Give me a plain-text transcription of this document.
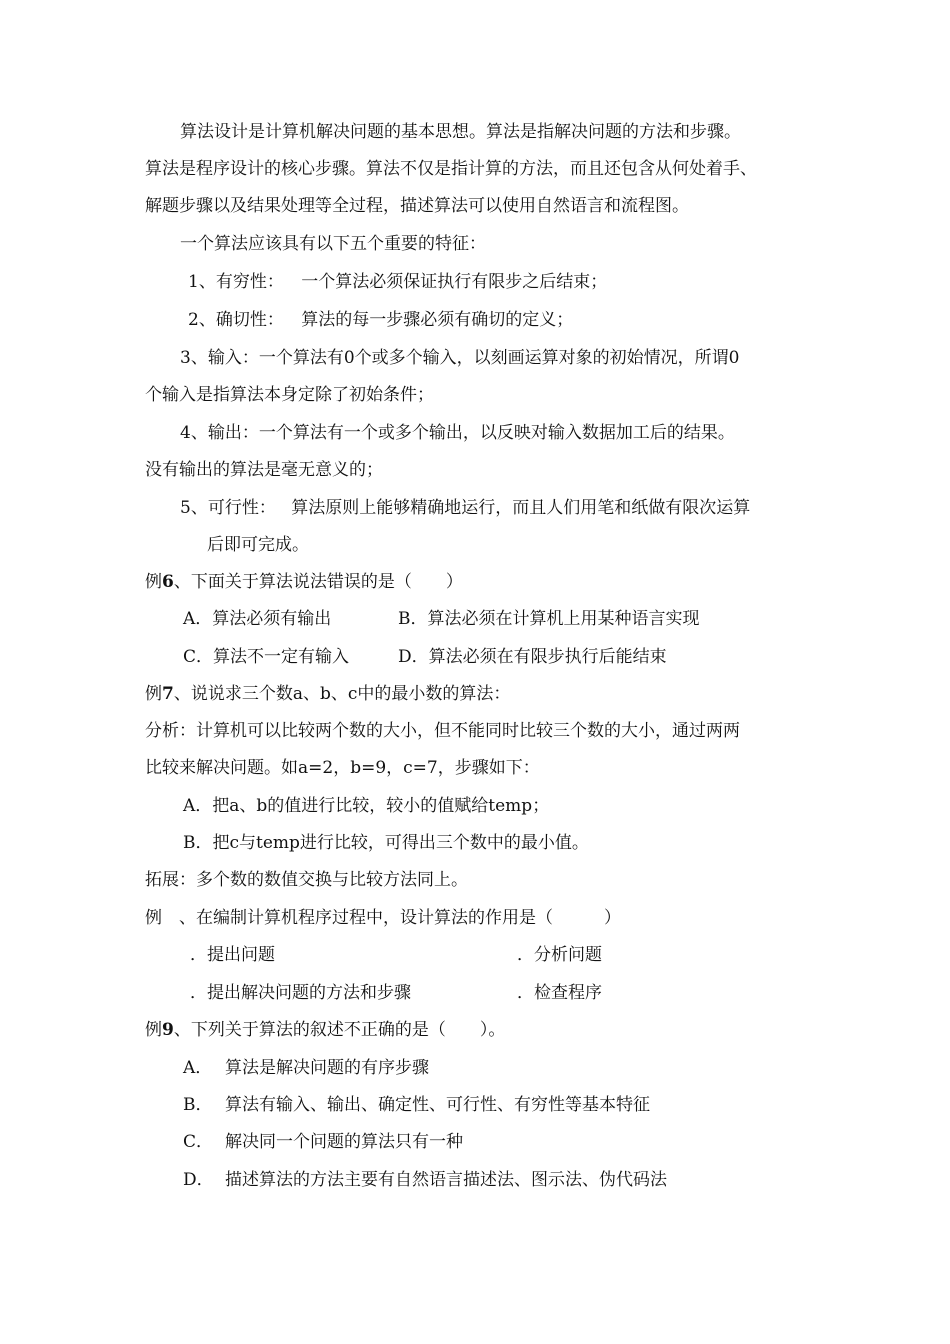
算法设计是计算机解决问题的基本思想。算法是指解决问题的方法和步骤。

算法是程序设计的核心步骤。算法不仅是指计算的方法，而且还包含从何处着手、

解题步骤以及结果处理等全过程，描述算法可以使用自然语言和流程图。

一个算法应该具有以下五个重要的特征：

1、有穷性： 一个算法必须保证执行有限步之后结束；
2、确切性： 算法的每一步骤必须有确切的定义；

3、输入：一个算法有0个或多个输入，以刻画运算对象的初始情况，所谓0

个输入是指算法本身定除了初始条件；

4、输出：一个算法有一个或多个输出，以反映对输入数据加工后的结果。

没有输出的算法是毫无意义的；

5、可行性： 算法原则上能够精确地运行，而且人们用笔和纸做有限次运算

后即可完成。

例6、下面关于算法说法错误的是（　　）
A．算法必须有输出	B．算法必须在计算机上用某种语言实现
C．算法不一定有输入	D．算法必须在有限步执行后能结束
例7、说说求三个数a、b、c中的最小数的算法：

分析：计算机可以比较两个数的大小，但不能同时比较三个数的大小，通过两两

比较来解决问题。如a=2，b=9，c=7，步骤如下：

A．把a、b的值进行比较，较小的值赋给temp；

B．把c与temp进行比较，可得出三个数中的最小值。

拓展：多个数的数值交换与比较方法同上。

例　、在编制计算机程序过程中，设计算法的作用是（　　　）

．提出问题	．分析问题
．提出解决问题的方法和步骤	．检查程序
例9、下列关于算法的叙述不正确的是（　　）。
A． 算法是解决问题的有序步骤
B． 算法有输入、输出、确定性、可行性、有穷性等基本特征
C． 解决同一个问题的算法只有一种
D． 描述算法的方法主要有自然语言描述法、图示法、伪代码法
